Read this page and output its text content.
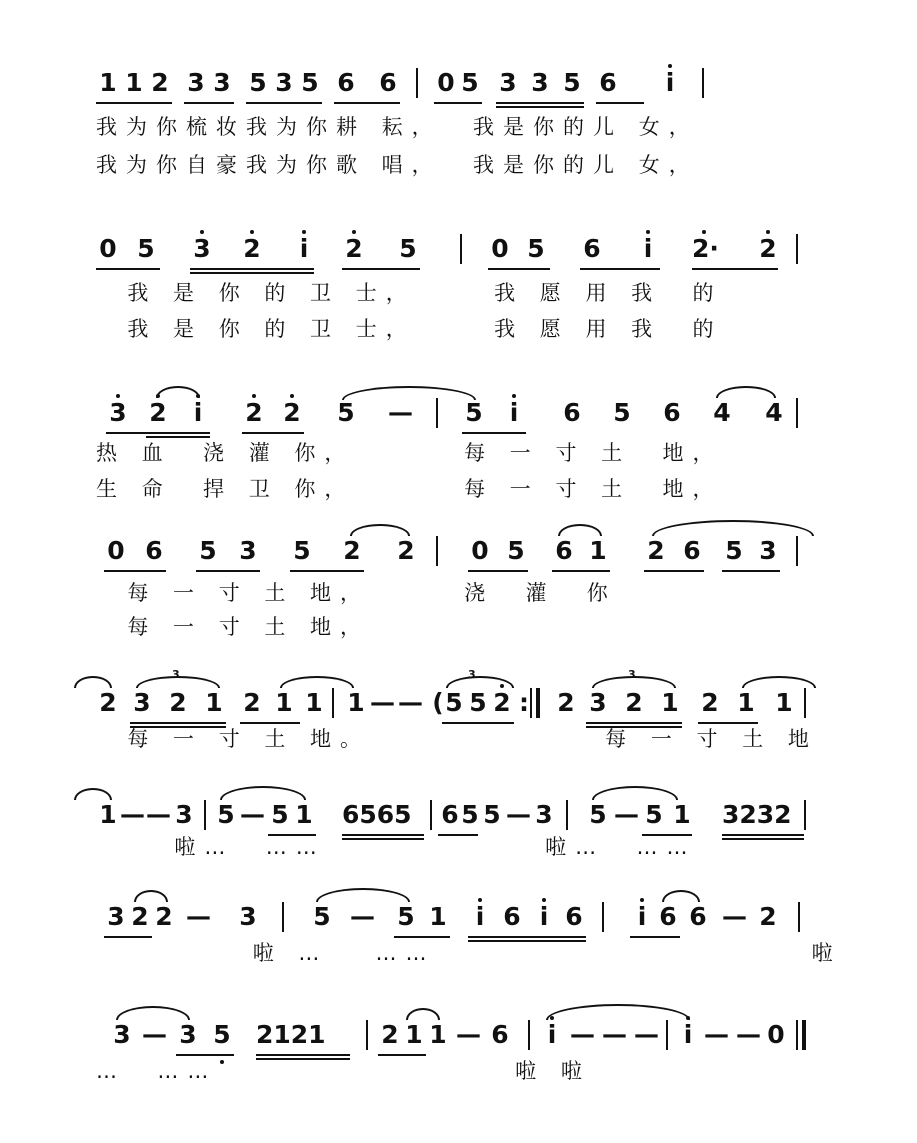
1 1 2 3 3 5 3 5 6 6 0 5 3 3 5 6	i
我为你梳妆我为你耕 耘，  我是你的儿 女，
我为你自豪我为你歌 唱，  我是你的儿 女，
0 5 3 2	i	2 5	0 5 6	i	2· 2
我 是 你 的 卫 士，     我 愿 用 我  的
我 是 你 的 卫 士，     我 愿 用 我  的
3 2	i	2 2 5 — 5	i	6 5 6 4 4
热 血  浇 灌 你，       每 一 寸 土  地，
生 命  捍 卫 你，       每 一 寸 土  地，
0 6 5 3 5 2 2 0 5 6 1 2 6 5 3
每 一 寸 土 地，      浇  灌  你
每 一 寸 土 地，
2 3 2 1 2 1 1 1 — — ( 5 5 2 : 2 3 2 1 2 1 1
3	3	3
每 一 寸 土 地。               每 一 寸 土 地
1 — — 3 5 — 5 1 6565 6 5 5 — 3 5 — 5 1 3232
啦…  ……              啦…  ……
3 2 2 — 3 5 — 5 1	i 6 i 6	i 6 6 — 2
啦 …   ……                        啦
3 — 3 5 2121 2 1 1 — 6	i — — — i — — 0
…  ……                   啦 啦
